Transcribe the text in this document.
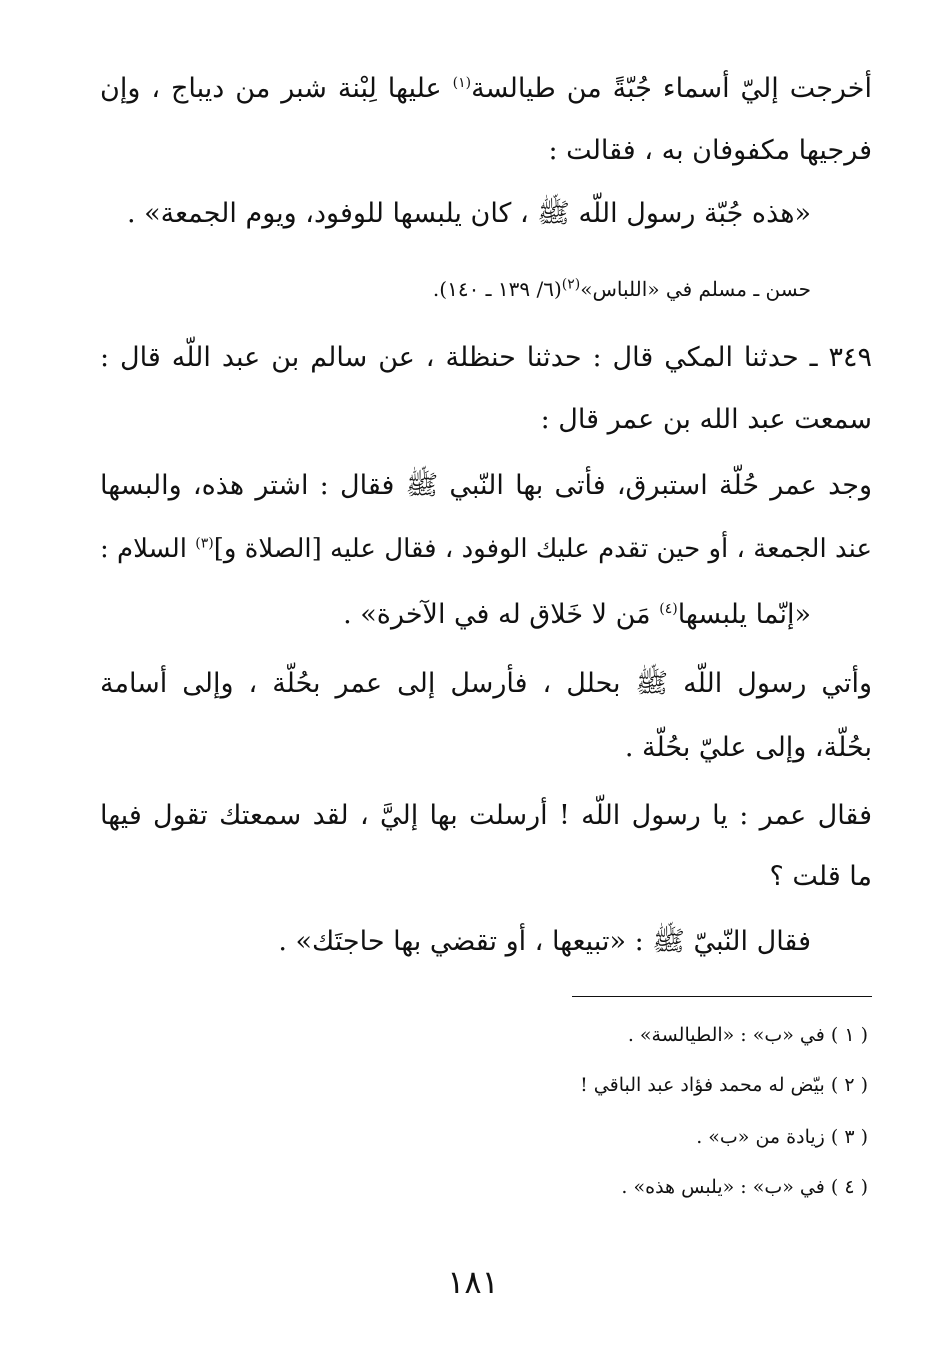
أخرجت إليّ أسماء جُبّةً من طيالسة$^{(١)}$ عليها لِبْنة شبر من ديباج ، وإن
فرجيها مكفوفان به ، فقالت :
«هذه جُبّة رسول اللّه ﷺ ، كان يلبسها للوفود، ويوم الجمعة» .
حسن ـ مسلم في «اللباس»$^{(٢)}$(٦/ ١٣٩ ـ ١٤٠).
٣٤٩ ـ حدثنا المكي قال : حدثنا حنظلة ، عن سالم بن عبد اللّه قال :
سمعت عبد الله بن عمر قال :
وجد عمر حُلّة استبرق، فأتى بها النّبي ﷺ فقال : اشتر هذه، والبسها
عند الجمعة ، أو حين تقدم عليك الوفود ، فقال عليه [الصلاة و]$^{(٣)}$ السلام :
«إنّما يلبسها$^{(٤)}$ مَن لا خَلاق له في الآخرة» .
وأتي رسول اللّه ﷺ بحلل ، فأرسل إلى عمر بحُلّة ، وإلى أسامة
بحُلّة، وإلى عليّ بحُلّة .
فقال عمر : يا رسول اللّه ! أرسلت بها إليَّ ، لقد سمعتك تقول فيها
ما قلت ؟
فقال النّبيّ ﷺ : «تبيعها ، أو تقضي بها حاجتَك» .
( ١ ) في «ب» : «الطيالسة» .
( ٢ ) بيّض له محمد فؤاد عبد الباقي !
( ٣ ) زيادة من «ب» .
( ٤ ) في «ب» : «يلبس هذه» .
١٨١
